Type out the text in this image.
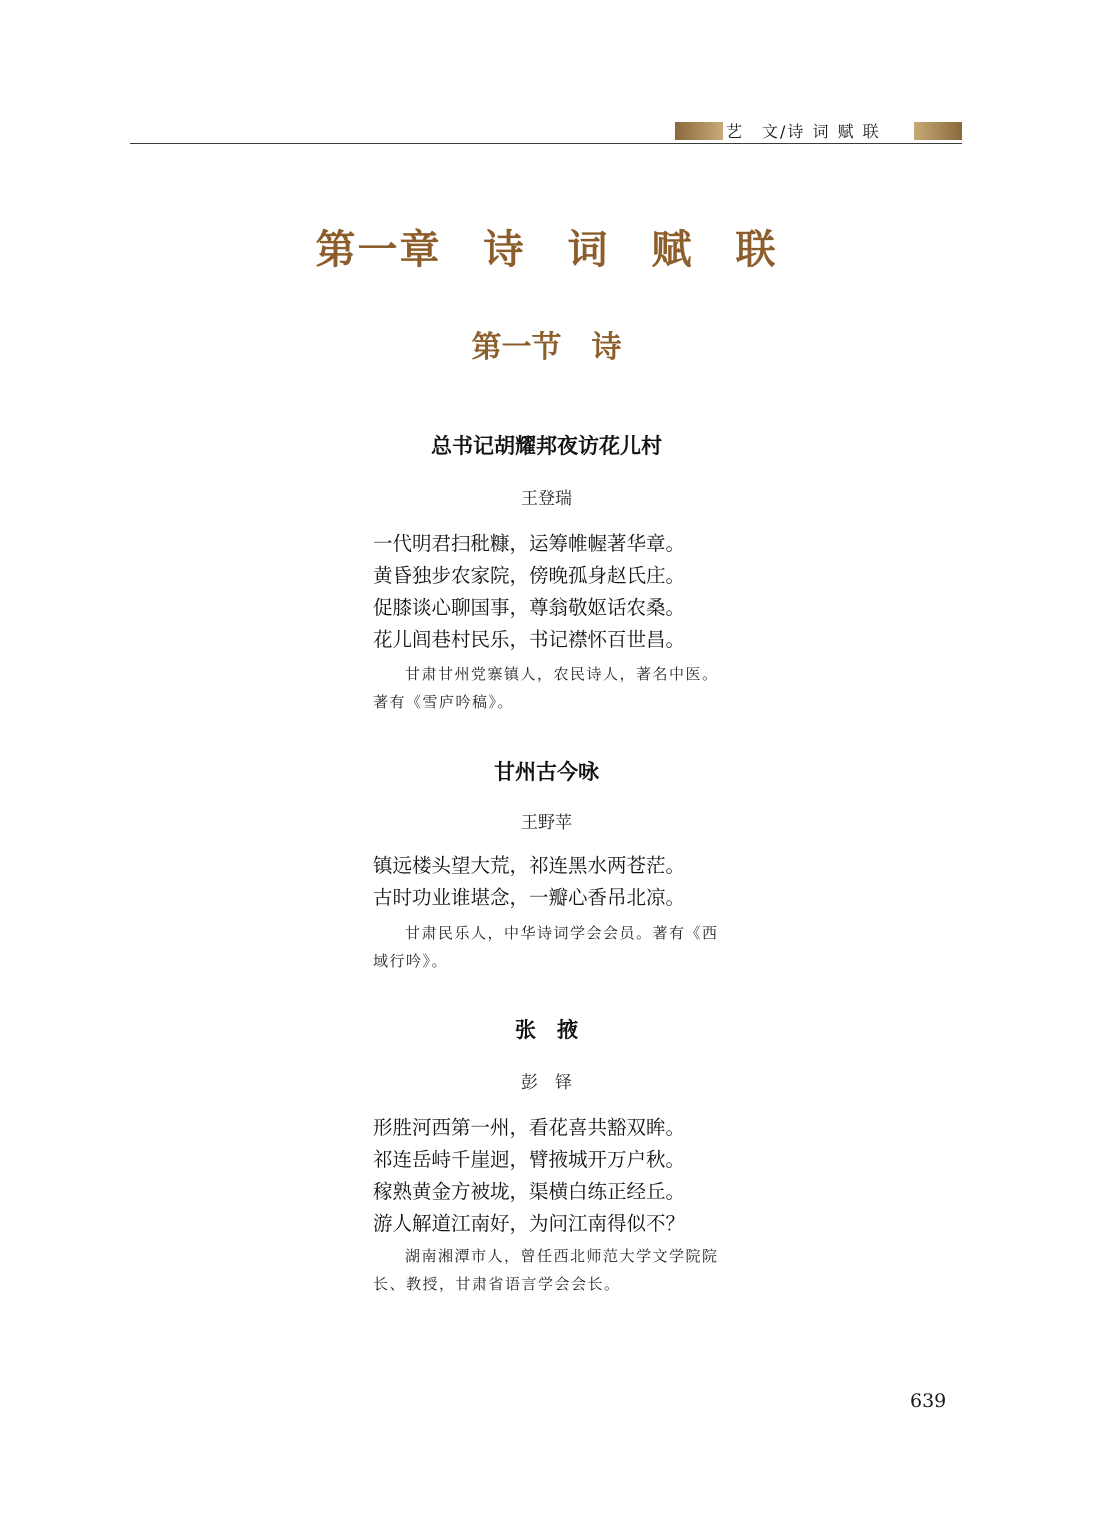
艺　文/诗 词 赋 联
第一章　诗　词　赋　联
第一节　诗
总书记胡耀邦夜访花儿村
王登瑞
一代明君扫秕糠，运筹帷幄著华章。
黄昏独步农家院，傍晚孤身赵氏庄。
促膝谈心聊国事，尊翁敬妪话农桑。
花儿闾巷村民乐，书记襟怀百世昌。
甘肃甘州党寨镇人，农民诗人，著名中医。著有《雪庐吟稿》。
甘州古今咏
王野苹
镇远楼头望大荒，祁连黑水两苍茫。
古时功业谁堪念，一瓣心香吊北凉。
甘肃民乐人，中华诗词学会会员。著有《西域行吟》。
张　掖
彭　铎
形胜河西第一州，看花喜共豁双眸。
祁连岳峙千崖迥，臂掖城开万户秋。
稼熟黄金方被垅，渠横白练正经丘。
游人解道江南好，为问江南得似不？
湖南湘潭市人，曾任西北师范大学文学院院长、教授，甘肃省语言学会会长。
639
